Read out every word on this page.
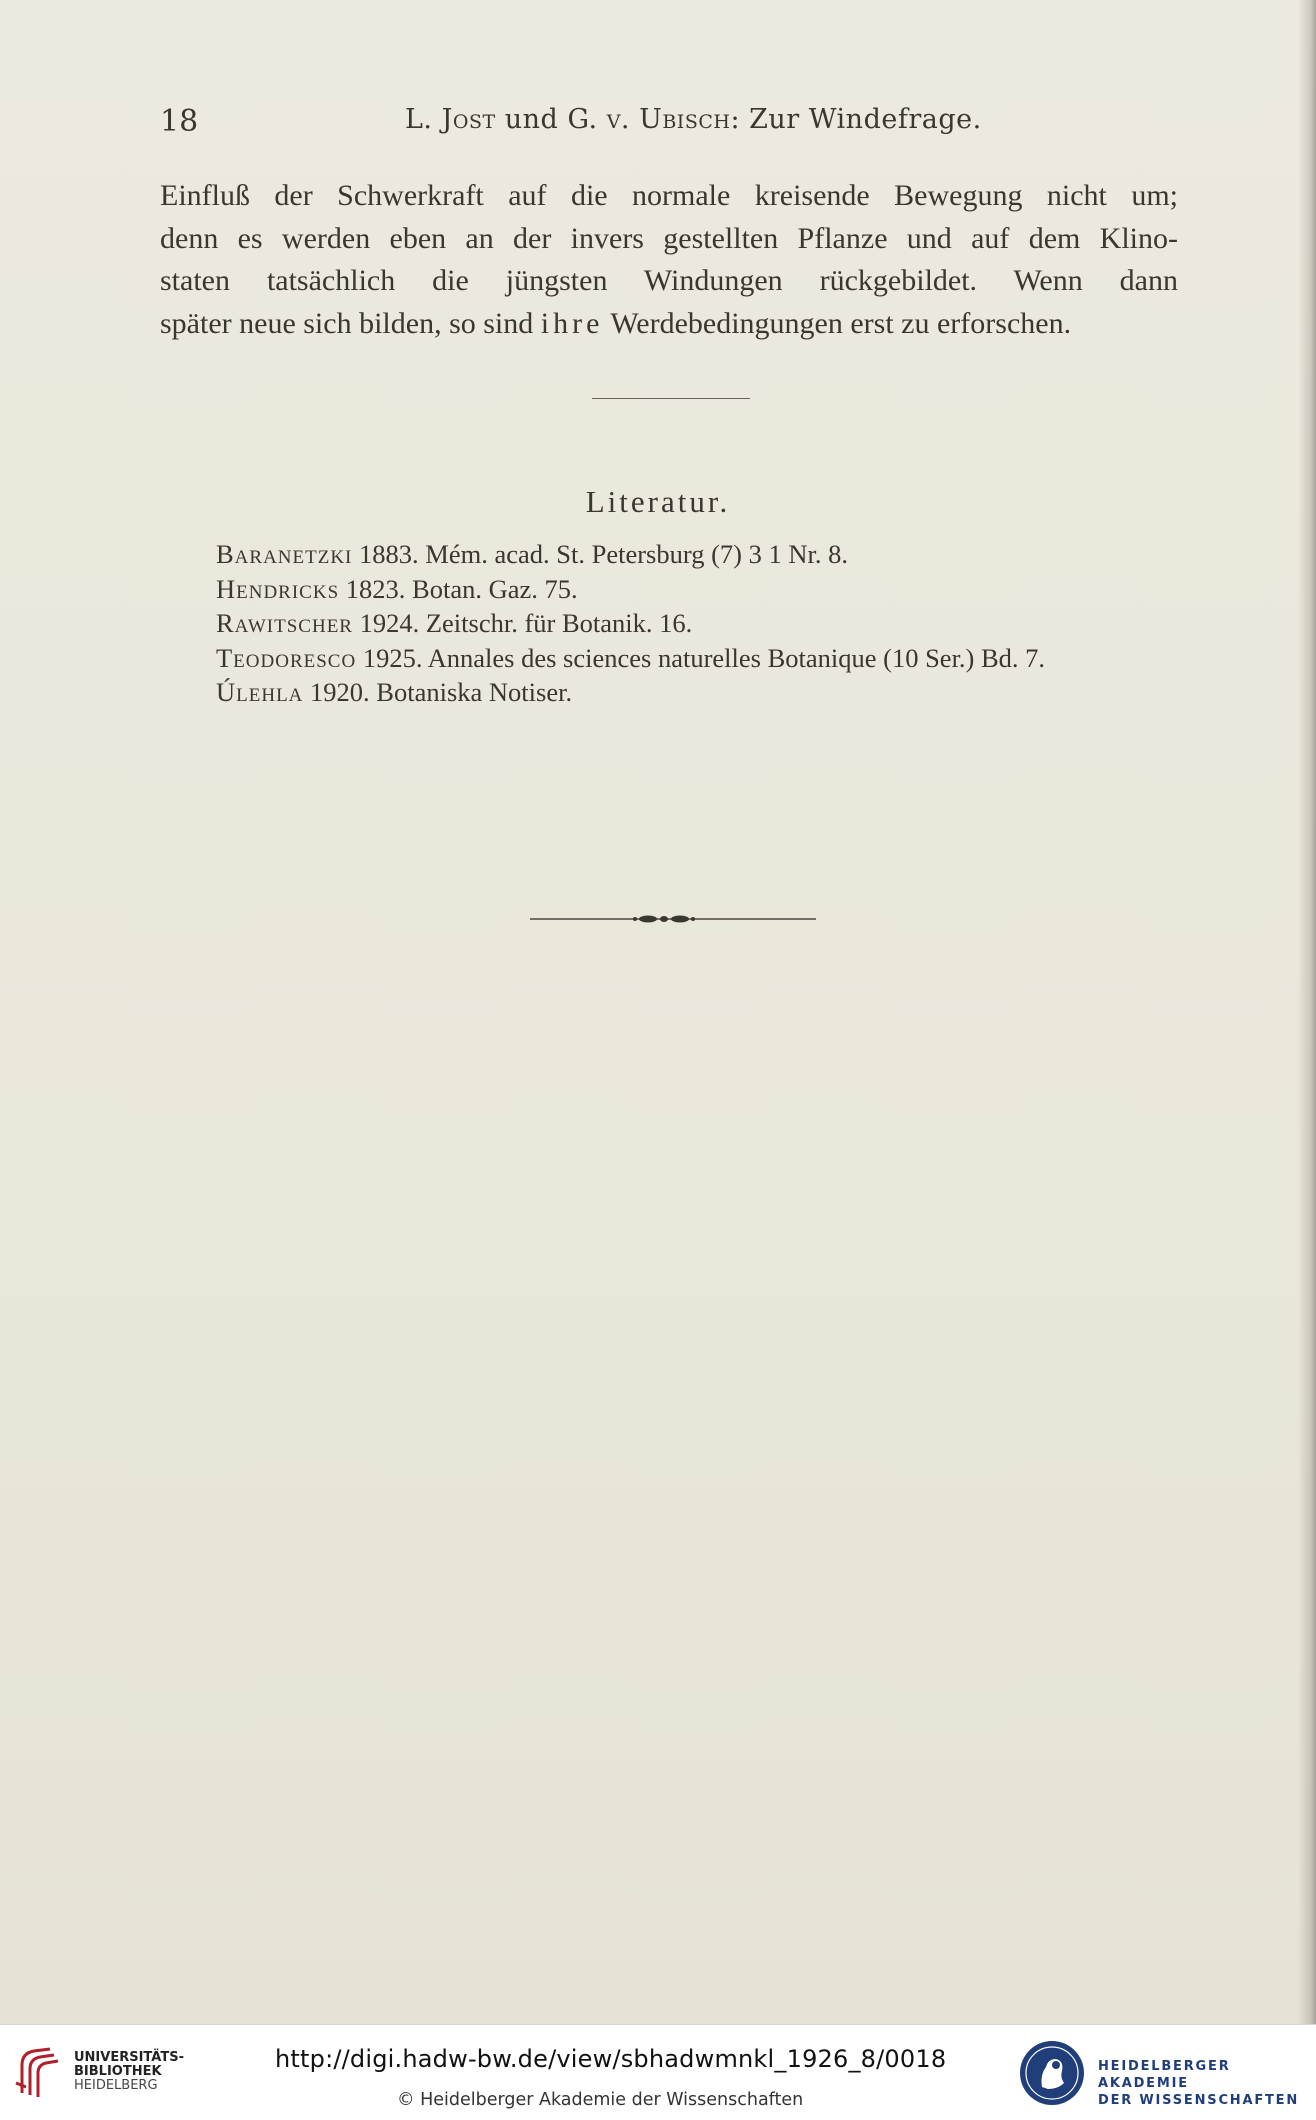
18	L. Jost und G. v. Ubisch: Zur Windefrage.
Einfluß der Schwerkraft auf die normale kreisende Bewegung nicht um;
denn es werden eben an der invers gestellten Pflanze und auf dem Klino-
staten tatsächlich die jüngsten Windungen rückgebildet. Wenn dann
später neue sich bilden, so sind ihre Werdebedingungen erst zu erforschen.
Literatur.
Baranetzki 1883. Mém. acad. St. Petersburg (7) 3 1 Nr. 8.
Hendricks 1823. Botan. Gaz. 75.
Rawitscher 1924. Zeitschr. für Botanik. 16.
Teodoresco 1925. Annales des sciences naturelles Botanique (10 Ser.) Bd. 7.
Úlehla 1920. Botaniska Notiser.
UNIVERSITÄTS-
BIBLIOTHEK
HEIDELBERG
http://digi.hadw-bw.de/view/sbhadwmnkl_1926_8/0018
© Heidelberger Akademie der Wissenschaften
HEIDELBERGER AKADEMIE
DER WISSENSCHAFTEN
